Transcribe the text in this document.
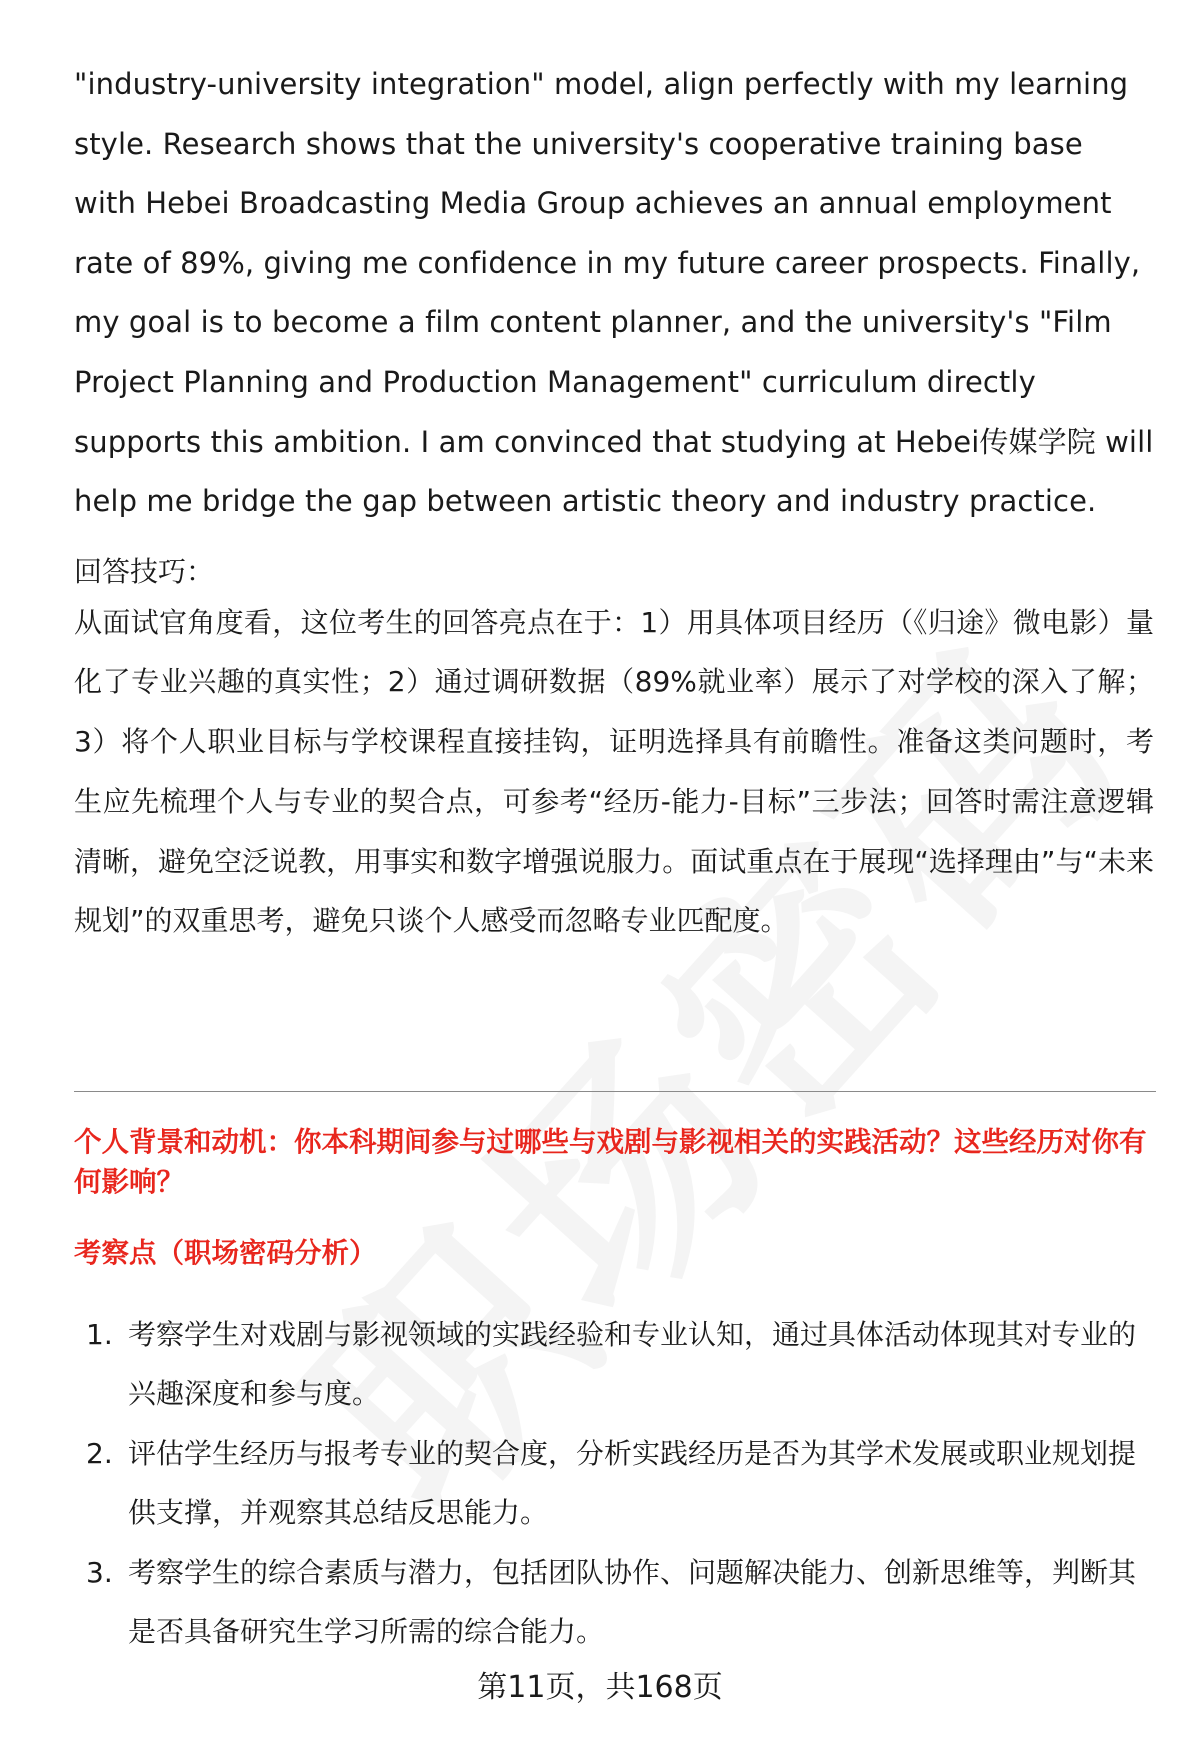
"industry-university integration" model, align perfectly with my learning style. Research shows that the university's cooperative training base with Hebei Broadcasting Media Group achieves an annual employment rate of 89%, giving me confidence in my future career prospects. Finally, my goal is to become a film content planner, and the university's "Film Project Planning and Production Management" curriculum directly supports this ambition. I am convinced that studying at Hebei传媒学院 will help me bridge the gap between artistic theory and industry practice.

回答技巧：

从面试官角度看，这位考生的回答亮点在于：1）用具体项目经历（《归途》微电影）量化了专业兴趣的真实性；2）通过调研数据（89%就业率）展示了对学校的深入了解；3）将个人职业目标与学校课程直接挂钩，证明选择具有前瞻性。准备这类问题时，考生应先梳理个人与专业的契合点，可参考“经历-能力-目标”三步法；回答时需注意逻辑清晰，避免空泛说教，用事实和数字增强说服力。面试重点在于展现“选择理由”与“未来规划”的双重思考，避免只谈个人感受而忽略专业匹配度。

个人背景和动机：你本科期间参与过哪些与戏剧与影视相关的实践活动？这些经历对你有何影响？

考察点（职场密码分析）

1. 考察学生对戏剧与影视领域的实践经验和专业认知，通过具体活动体现其对专业的兴趣深度和参与度。
2. 评估学生经历与报考专业的契合度，分析实践经历是否为其学术发展或职业规划提供支撑，并观察其总结反思能力。
3. 考察学生的综合素质与潜力，包括团队协作、问题解决能力、创新思维等，判断其是否具备研究生学习所需的综合能力。
第11页，共168页
